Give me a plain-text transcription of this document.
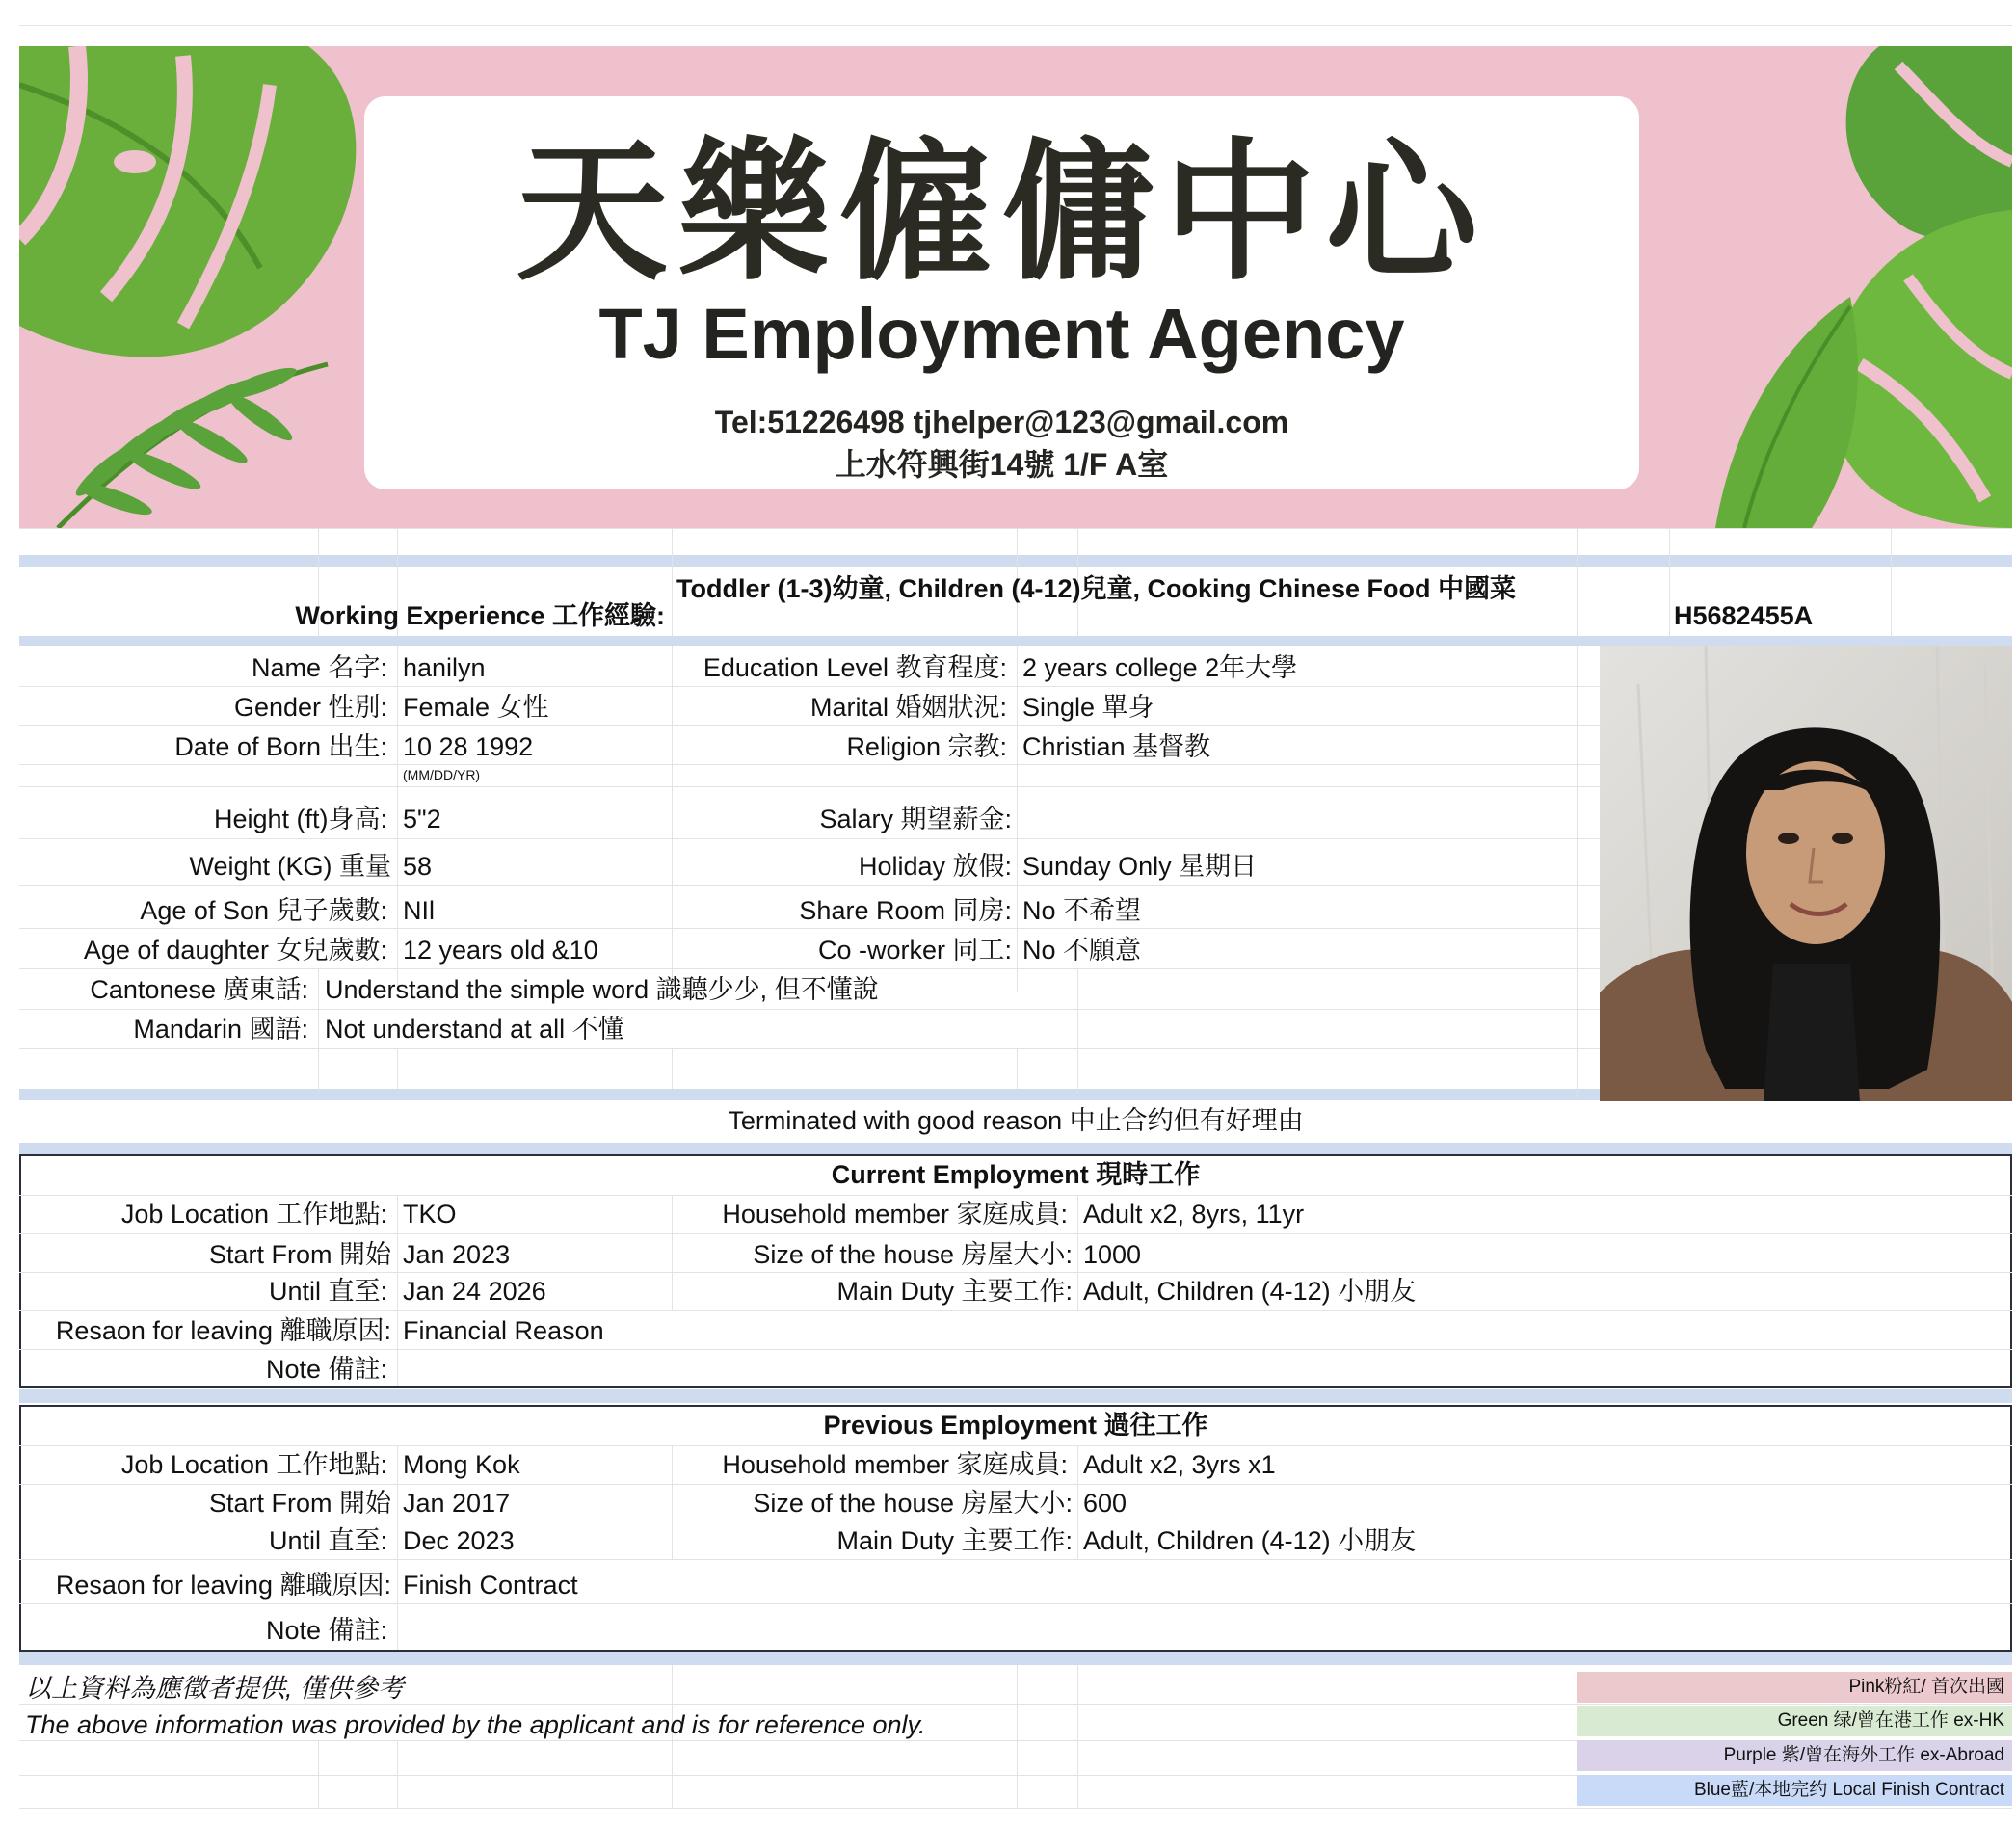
天樂僱傭中心
TJ Employment Agency
Tel:51226498 tjhelper@123@gmail.com
上水符興街14號 1/F A室
Working Experience 工作經驗:
Toddler (1-3)幼童, Children (4-12)兒童, Cooking Chinese Food 中國菜
H5682455A
Name 名字: hanilyn
Gender 性別: Female 女性
Date of Born 出生: 10 28 1992
(MM/DD/YR)
Height (ft)身高: 5"2
Weight (KG) 重量 58
Age of Son 兒子歲數: NIl
Age of daughter 女兒歲數: 12 years old &10
Cantonese 廣東話: Understand the simple word 識聽少少, 但不懂說
Mandarin 國語: Not understand at all 不懂
Education Level 教育程度: 2 years college 2年大學
Marital 婚姻狀況: Single 單身
Religion 宗教: Christian 基督教
Salary 期望薪金:
Holiday 放假: Sunday Only 星期日
Share Room 同房: No 不希望
Co -worker 同工: No 不願意
Terminated with good reason 中止合约但有好理由
Current Employment 現時工作
Job Location 工作地點: TKO
Start From 開始 Jan 2023
Until 直至: Jan 24 2026
Resaon for leaving 離職原因: Financial Reason
Note 備註:
Household member 家庭成員: Adult x2, 8yrs, 11yr
Size of the house 房屋大小: 1000
Main Duty 主要工作: Adult, Children (4-12) 小朋友
Previous Employment 過往工作
Job Location 工作地點: Mong Kok
Start From 開始 Jan 2017
Until 直至: Dec 2023
Resaon for leaving 離職原因: Finish Contract
Note 備註:
Household member 家庭成員: Adult x2, 3yrs x1
Size of the house 房屋大小: 600
Main Duty 主要工作: Adult, Children (4-12) 小朋友
以上資料為應徵者提供, 僅供參考
The above information was provided by the applicant and is for reference only.
Pink粉紅/ 首次出國
Green 绿/曾在港工作 ex-HK
Purple 紫/曾在海外工作 ex-Abroad
Blue藍/本地完约 Local Finish Contract
